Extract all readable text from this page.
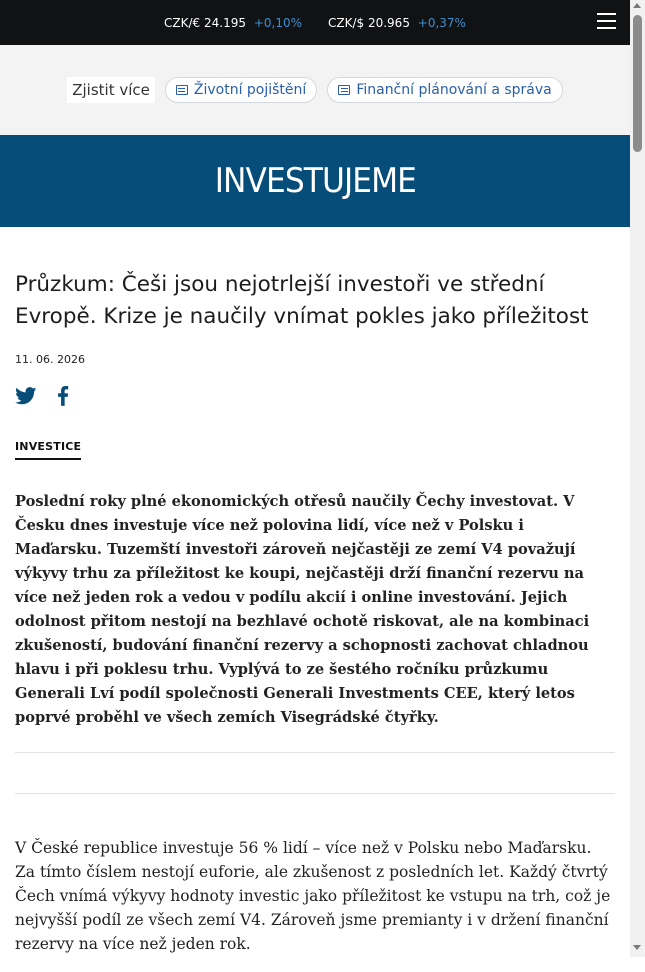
CZK/€ 24.195 +0,10% CZK/$ 20.965 +0,37%
Zjistit více	Životní pojištění	Finanční plánování a správa
INVESTUJEME
Průzkum: Češi jsou nejotrlejší investoři ve střední Evropě. Krize je naučily vnímat pokles jako příležitost
11. 06. 2026
INVESTICE

Poslední roky plné ekonomických otřesů naučily Čechy investovat. V Česku dnes investuje více než polovina lidí, více než v Polsku i Maďarsku. Tuzemští investoři zároveň nejčastěji ze zemí V4 považují výkyvy trhu za příležitost ke koupi, nejčastěji drží finanční rezervu na více než jeden rok a vedou v podílu akcií i online investování. Jejich odolnost přitom nestojí na bezhlavé ochotě riskovat, ale na kombinaci zkušeností, budování finanční rezervy a schopnosti zachovat chladnou hlavu i při poklesu trhu. Vyplývá to ze šestého ročníku průzkumu Generali Lví podíl společnosti Generali Investments CEE, který letos poprvé proběhl ve všech zemích Visegrádské čtyřky.

V České republice investuje 56 % lidí – více než v Polsku nebo Maďarsku. Za tímto číslem nestojí euforie, ale zkušenost z posledních let. Každý čtvrtý Čech vnímá výkyvy hodnoty investic jako příležitost ke vstupu na trh, což je nejvyšší podíl ze všech zemí V4. Zároveň jsme premianty i v držení finanční rezervy na více než jeden rok.
